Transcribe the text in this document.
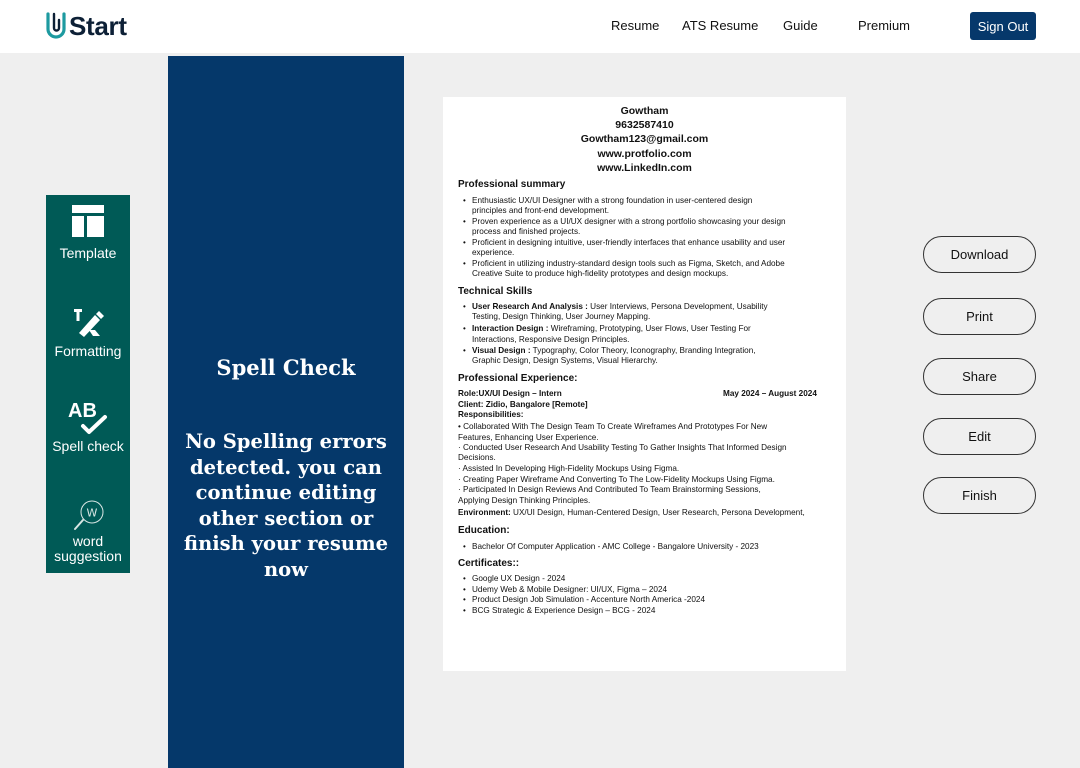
Start	Resume ATS Resume Guide	Premium	Sign Out
Template
Formatting
AB
Spell check
W
word suggestion
Spell Check
No Spelling errors detected. you can continue editing other section or finish your resume now
Gowtham
9632587410
Gowtham123@gmail.com
www.protfolio.com
www.LinkedIn.com
Professional summary
• Enthusiastic UX/UI Designer with a strong foundation in user-centered design
principles and front-end development.
• Proven experience as a UI/UX designer with a strong portfolio showcasing your design
process and finished projects.
• Proficient in designing intuitive, user-friendly interfaces that enhance usability and user
experience.
• Proficient in utilizing industry-standard design tools such as Figma, Sketch, and Adobe
Creative Suite to produce high-fidelity prototypes and design mockups.
Technical Skills
• User Research And Analysis : User Interviews, Persona Development, Usability
Testing, Design Thinking, User Journey Mapping.
• Interaction Design : Wireframing, Prototyping, User Flows, User Testing For
Interactions, Responsive Design Principles.
• Visual Design : Typography, Color Theory, Iconography, Branding Integration,
Graphic Design, Design Systems, Visual Hierarchy.
Professional Experience:
Role:UX/UI Design – Intern	May 2024 – August 2024
Client: Zidio, Bangalore [Remote]
Responsibilities:
• Collaborated With The Design Team To Create Wireframes And Prototypes For New
Features, Enhancing User Experience.
· Conducted User Research And Usability Testing To Gather Insights That Informed Design
Decisions.
· Assisted In Developing High-Fidelity Mockups Using Figma.
· Creating Paper Wireframe And Converting To The Low-Fidelity Mockups Using Figma.
· Participated In Design Reviews And Contributed To Team Brainstorming Sessions,
Applying Design Thinking Principles.
Environment: UX/UI Design, Human-Centered Design, User Research, Persona Development,
Education:
• Bachelor Of Computer Application - AMC College - Bangalore University - 2023
Certificates::
• Google UX Design - 2024
• Udemy Web & Mobile Designer: UI/UX, Figma – 2024
• Product Design Job Simulation - Accenture North America -2024
• BCG Strategic & Experience Design – BCG - 2024
Download
Print
Share
Edit
Finish
